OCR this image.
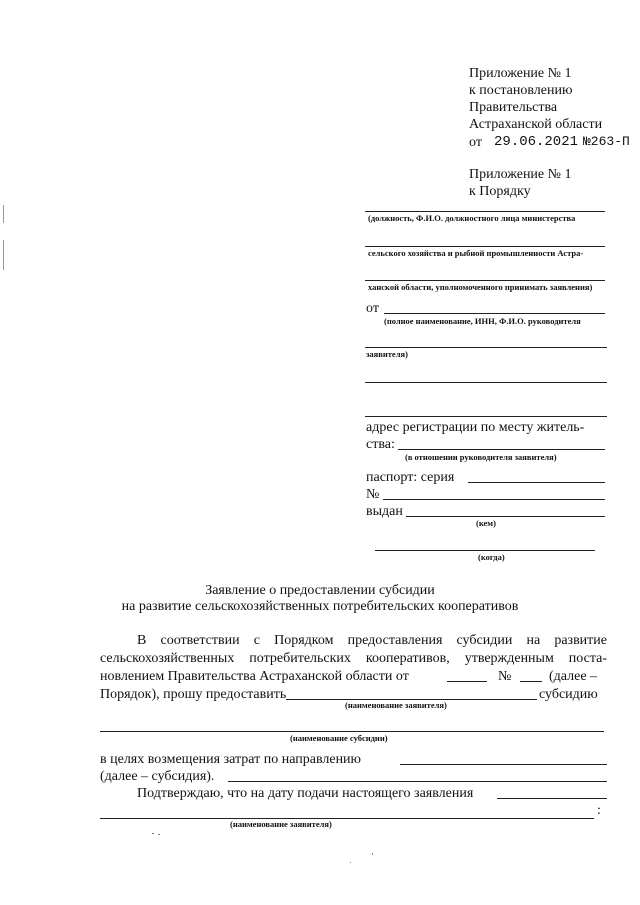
Приложение № 1
к постановлению
Правительства
Астраханской области
от 29.06.2021 №263-П
Приложение № 1
к Порядку
(должность, Ф.И.О. должностного лица министерства
сельского хозяйства и рыбной промышленности Астра-
ханской области, уполномоченного принимать заявления)
от
(полное наименование, ИНН, Ф.И.О. руководителя
заявителя)
адрес регистрации по месту житель-
ства:
(в отношении руководителя заявителя)
паспорт: серия
№
выдан
(кем)
(когда)
Заявление о предоставлении субсидии
на развитие сельскохозяйственных потребительских кооперативов
В соответствии с Порядком предоставления субсидии на развитие
сельскохозяйственных потребительских кооперативов, утвержденным поста-
новлением Правительства Астраханской области от	№	(далее –
Порядок), прошу предоставить	субсидию
(наименование заявителя)
(наименование субсидии)
в целях возмещения затрат по направлению
(далее – субсидия).
Подтверждаю, что на дату подачи настоящего заявления
:
(наименование заявителя)
